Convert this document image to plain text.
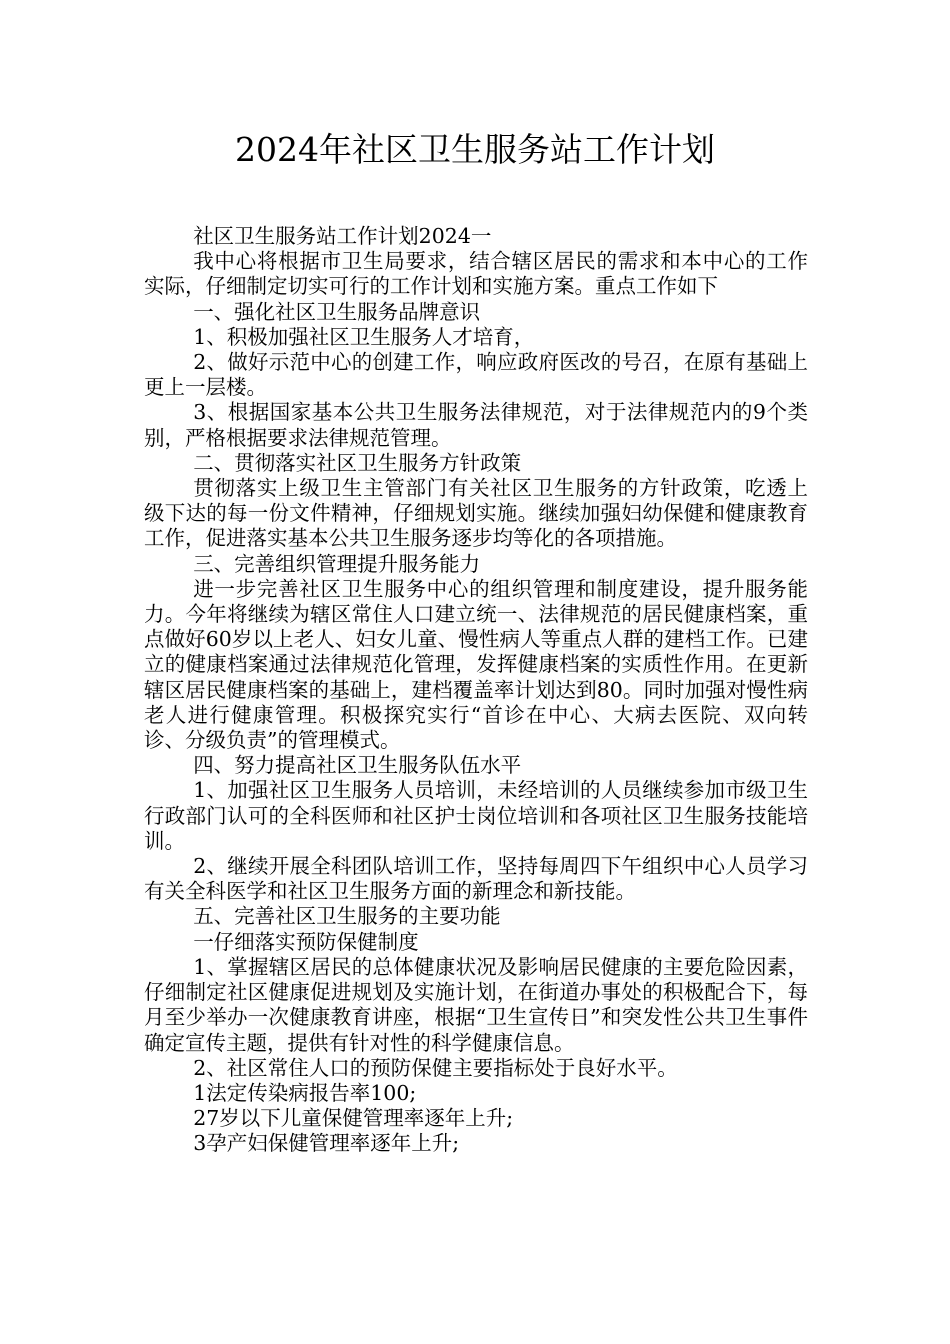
2024年社区卫生服务站工作计划

社区卫生服务站工作计划2024一

我中心将根据市卫生局要求，结合辖区居民的需求和本中心的工作实际，仔细制定切实可行的工作计划和实施方案。重点工作如下

一、强化社区卫生服务品牌意识

1、积极加强社区卫生服务人才培育，

2、做好示范中心的创建工作，响应政府医改的号召，在原有基础上更上一层楼。

3、根据国家基本公共卫生服务法律规范，对于法律规范内的9个类别，严格根据要求法律规范管理。

二、贯彻落实社区卫生服务方针政策

贯彻落实上级卫生主管部门有关社区卫生服务的方针政策，吃透上级下达的每一份文件精神，仔细规划实施。继续加强妇幼保健和健康教育工作，促进落实基本公共卫生服务逐步均等化的各项措施。

三、完善组织管理提升服务能力

进一步完善社区卫生服务中心的组织管理和制度建设，提升服务能力。今年将继续为辖区常住人口建立统一、法律规范的居民健康档案，重点做好60岁以上老人、妇女儿童、慢性病人等重点人群的建档工作。已建立的健康档案通过法律规范化管理，发挥健康档案的实质性作用。在更新辖区居民健康档案的基础上，建档覆盖率计划达到80。同时加强对慢性病老人进行健康管理。积极探究实行“首诊在中心、大病去医院、双向转诊、分级负责”的管理模式。

四、努力提高社区卫生服务队伍水平

1、加强社区卫生服务人员培训，未经培训的人员继续参加市级卫生行政部门认可的全科医师和社区护士岗位培训和各项社区卫生服务技能培训。

2、继续开展全科团队培训工作，坚持每周四下午组织中心人员学习有关全科医学和社区卫生服务方面的新理念和新技能。

五、完善社区卫生服务的主要功能

一仔细落实预防保健制度

1、掌握辖区居民的总体健康状况及影响居民健康的主要危险因素，仔细制定社区健康促进规划及实施计划，在街道办事处的积极配合下，每月至少举办一次健康教育讲座，根据“卫生宣传日”和突发性公共卫生事件确定宣传主题，提供有针对性的科学健康信息。

2、社区常住人口的预防保健主要指标处于良好水平。

1法定传染病报告率100;

27岁以下儿童保健管理率逐年上升;

3孕产妇保健管理率逐年上升;
